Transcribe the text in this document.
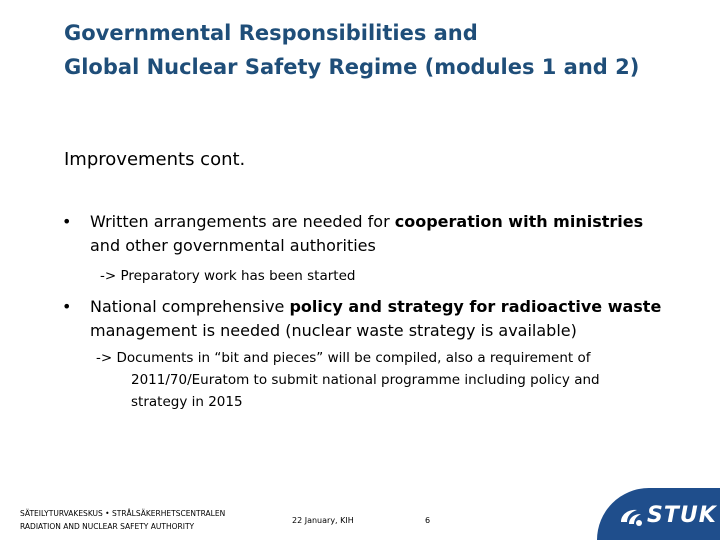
Governmental Responsibilities and
Global Nuclear Safety Regime (modules 1 and 2)
Improvements cont.
• Written arrangements are needed for cooperation with ministries
and other governmental authorities
-> Preparatory work has been started
• National comprehensive policy and strategy for radioactive waste
management is needed (nuclear waste strategy is available)
-> Documents in “bit and pieces” will be compiled, also a requirement of
2011/70/Euratom to submit national programme including policy and
strategy in 2015
SÄTEILYTURVAKESKUS • STRÅLSÄKERHETSCENTRALEN
RADIATION AND NUCLEAR SAFETY AUTHORITY
22 January, KIH	6	STUK
